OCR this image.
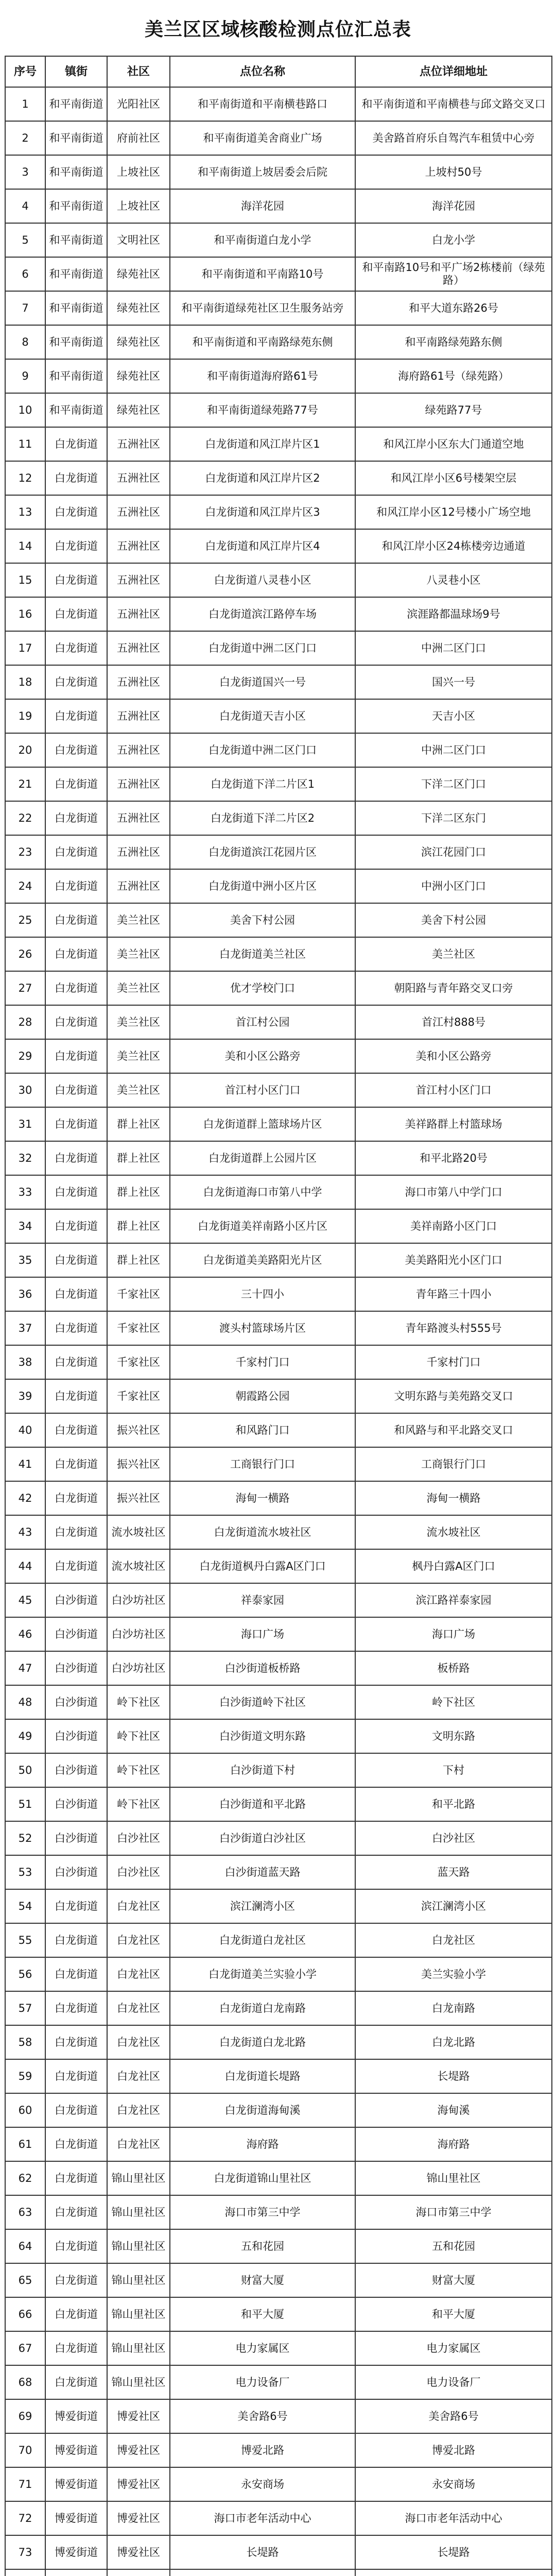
美兰区区域核酸检测点位汇总表
序号	镇街	社区	点位名称	点位详细地址
1	和平南街道	光阳社区	和平南街道和平南横巷路口	和平南街道和平南横巷与邱文路交叉口
2	和平南街道	府前社区	和平南街道美舍商业广场	美舍路首府乐自驾汽车租赁中心旁
3	和平南街道	上坡社区	和平南街道上坡居委会后院	上坡村50号
4	和平南街道	上坡社区	海洋花园	海洋花园
5	和平南街道	文明社区	和平南街道白龙小学	白龙小学
6	和平南街道	绿苑社区	和平南街道和平南路10号	和平南路10号和平广场2栋楼前（绿苑路）
7	和平南街道	绿苑社区	和平南街道绿苑社区卫生服务站旁	和平大道东路26号
8	和平南街道	绿苑社区	和平南街道和平南路绿苑东侧	和平南路绿苑路东侧
9	和平南街道	绿苑社区	和平南街道海府路61号	海府路61号（绿苑路）
10	和平南街道	绿苑社区	和平南街道绿苑路77号	绿苑路77号
11	白龙街道	五洲社区	白龙街道和风江岸片区1	和风江岸小区东大门通道空地
12	白龙街道	五洲社区	白龙街道和风江岸片区2	和风江岸小区6号楼架空层
13	白龙街道	五洲社区	白龙街道和风江岸片区3	和风江岸小区12号楼小广场空地
14	白龙街道	五洲社区	白龙街道和风江岸片区4	和风江岸小区24栋楼旁边通道
15	白龙街道	五洲社区	白龙街道八灵巷小区	八灵巷小区
16	白龙街道	五洲社区	白龙街道滨江路停车场	滨涯路都温球场9号
17	白龙街道	五洲社区	白龙街道中洲二区门口	中洲二区门口
18	白龙街道	五洲社区	白龙街道国兴一号	国兴一号
19	白龙街道	五洲社区	白龙街道天吉小区	天吉小区
20	白龙街道	五洲社区	白龙街道中洲二区门口	中洲二区门口
21	白龙街道	五洲社区	白龙街道下洋二片区1	下洋二区门口
22	白龙街道	五洲社区	白龙街道下洋二片区2	下洋二区东门
23	白龙街道	五洲社区	白龙街道滨江花园片区	滨江花园门口
24	白龙街道	五洲社区	白龙街道中洲小区片区	中洲小区门口
25	白龙街道	美兰社区	美舍下村公园	美舍下村公园
26	白龙街道	美兰社区	白龙街道美兰社区	美兰社区
27	白龙街道	美兰社区	优才学校门口	朝阳路与青年路交叉口旁
28	白龙街道	美兰社区	首江村公园	首江村888号
29	白龙街道	美兰社区	美和小区公路旁	美和小区公路旁
30	白龙街道	美兰社区	首江村小区门口	首江村小区门口
31	白龙街道	群上社区	白龙街道群上篮球场片区	美祥路群上村篮球场
32	白龙街道	群上社区	白龙街道群上公园片区	和平北路20号
33	白龙街道	群上社区	白龙街道海口市第八中学	海口市第八中学门口
34	白龙街道	群上社区	白龙街道美祥南路小区片区	美祥南路小区门口
35	白龙街道	群上社区	白龙街道美美路阳光片区	美美路阳光小区门口
36	白龙街道	千家社区	三十四小	青年路三十四小
37	白龙街道	千家社区	渡头村篮球场片区	青年路渡头村555号
38	白龙街道	千家社区	千家村门口	千家村门口
39	白龙街道	千家社区	朝霞路公园	文明东路与美苑路交叉口
40	白龙街道	振兴社区	和风路门口	和风路与和平北路交叉口
41	白龙街道	振兴社区	工商银行门口	工商银行门口
42	白龙街道	振兴社区	海甸一横路	海甸一横路
43	白龙街道	流水坡社区	白龙街道流水坡社区	流水坡社区
44	白龙街道	流水坡社区	白龙街道枫丹白露A区门口	枫丹白露A区门口
45	白沙街道	白沙坊社区	祥泰家园	滨江路祥泰家园
46	白沙街道	白沙坊社区	海口广场	海口广场
47	白沙街道	白沙坊社区	白沙街道板桥路	板桥路
48	白沙街道	岭下社区	白沙街道岭下社区	岭下社区
49	白沙街道	岭下社区	白沙街道文明东路	文明东路
50	白沙街道	岭下社区	白沙街道下村	下村
51	白沙街道	岭下社区	白沙街道和平北路	和平北路
52	白沙街道	白沙社区	白沙街道白沙社区	白沙社区
53	白沙街道	白沙社区	白沙街道蓝天路	蓝天路
54	白龙街道	白龙社区	滨江澜湾小区	滨江澜湾小区
55	白龙街道	白龙社区	白龙街道白龙社区	白龙社区
56	白龙街道	白龙社区	白龙街道美兰实验小学	美兰实验小学
57	白龙街道	白龙社区	白龙街道白龙南路	白龙南路
58	白龙街道	白龙社区	白龙街道白龙北路	白龙北路
59	白龙街道	白龙社区	白龙街道长堤路	长堤路
60	白龙街道	白龙社区	白龙街道海甸溪	海甸溪
61	白龙街道	白龙社区	海府路	海府路
62	白龙街道	锦山里社区	白龙街道锦山里社区	锦山里社区
63	白龙街道	锦山里社区	海口市第三中学	海口市第三中学
64	白龙街道	锦山里社区	五和花园	五和花园
65	白龙街道	锦山里社区	财富大厦	财富大厦
66	白龙街道	锦山里社区	和平大厦	和平大厦
67	白龙街道	锦山里社区	电力家属区	电力家属区
68	白龙街道	锦山里社区	电力设备厂	电力设备厂
69	博爱街道	博爱社区	美舍路6号	美舍路6号
70	博爱街道	博爱社区	博爱北路	博爱北路
71	博爱街道	博爱社区	永安商场	永安商场
72	博爱街道	博爱社区	海口市老年活动中心	海口市老年活动中心
73	博爱街道	博爱社区	长堤路	长堤路
